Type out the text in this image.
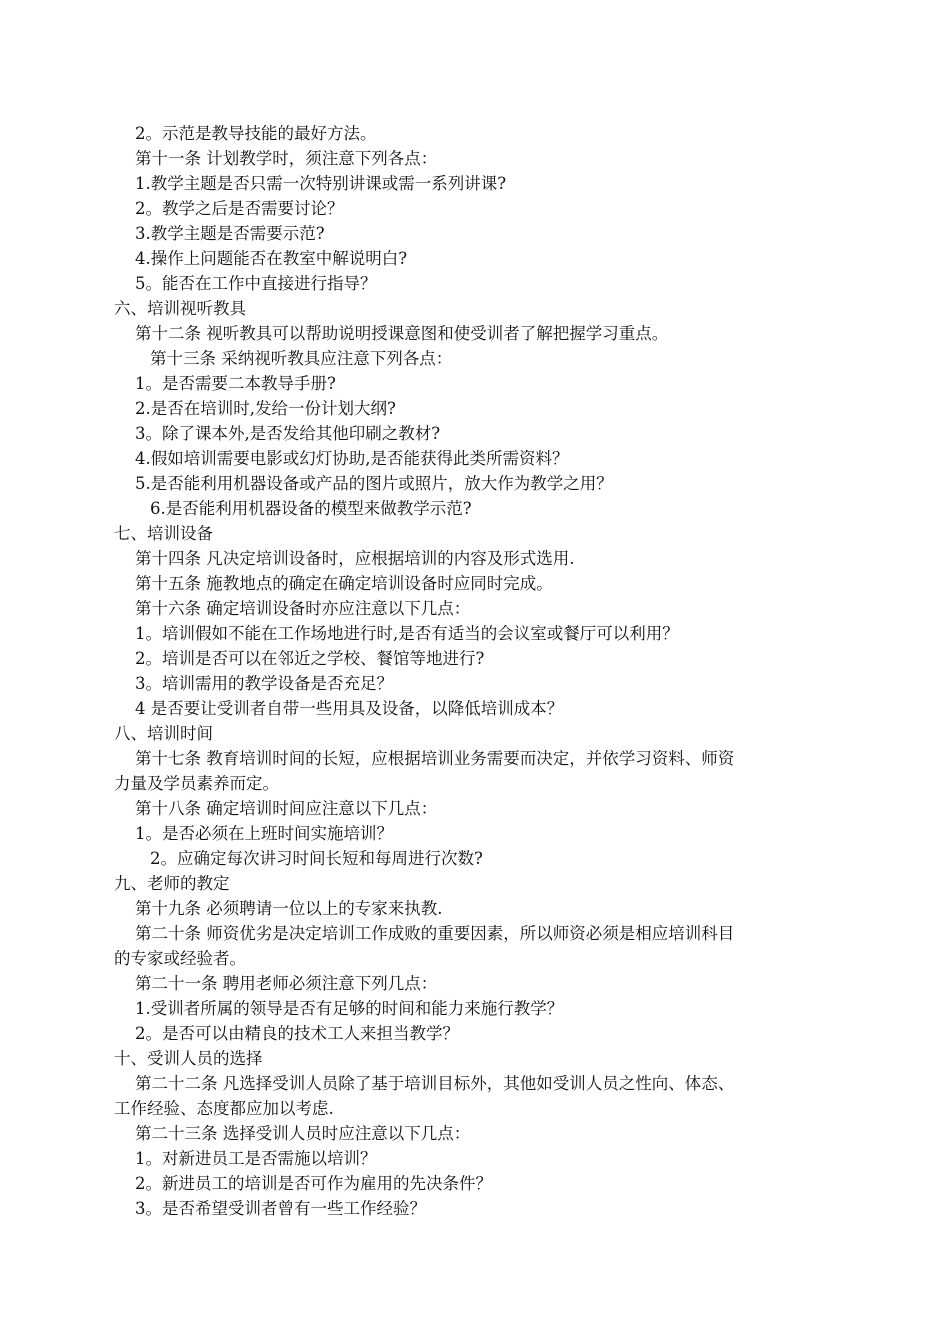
2。示范是教导技能的最好方法。
第十一条 计划教学时，须注意下列各点：
1.教学主题是否只需一次特别讲课或需一系列讲课?
2。教学之后是否需要讨论？
3.教学主题是否需要示范?
4.操作上问题能否在教室中解说明白?
5。能否在工作中直接进行指导？
六、培训视听教具
第十二条 视听教具可以帮助说明授课意图和使受训者了解把握学习重点。
第十三条 采纳视听教具应注意下列各点：
1。是否需要二本教导手册?
2.是否在培训时,发给一份计划大纲?
3。除了课本外,是否发给其他印刷之教材?
4.假如培训需要电影或幻灯协助,是否能获得此类所需资料？
5.是否能利用机器设备或产品的图片或照片，放大作为教学之用？
6.是否能利用机器设备的模型来做教学示范?
七、培训设备
第十四条 凡决定培训设备时，应根据培训的内容及形式选用.
第十五条 施教地点的确定在确定培训设备时应同时完成。
第十六条 确定培训设备时亦应注意以下几点：
1。培训假如不能在工作场地进行时,是否有适当的会议室或餐厅可以利用？
2。培训是否可以在邻近之学校、餐馆等地进行?
3。培训需用的教学设备是否充足？
4 是否要让受训者自带一些用具及设备，以降低培训成本？
八、培训时间
第十七条 教育培训时间的长短，应根据培训业务需要而决定，并依学习资料、师资
力量及学员素养而定。
第十八条 确定培训时间应注意以下几点：
1。是否必须在上班时间实施培训？
2。应确定每次讲习时间长短和每周进行次数?
九、老师的教定
第十九条 必须聘请一位以上的专家来执教.
第二十条 师资优劣是决定培训工作成败的重要因素，所以师资必须是相应培训科目
的专家或经验者。
第二十一条 聘用老师必须注意下列几点：
1.受训者所属的领导是否有足够的时间和能力来施行教学？
2。是否可以由精良的技术工人来担当教学？
十、受训人员的选择
第二十二条 凡选择受训人员除了基于培训目标外，其他如受训人员之性向、体态、
工作经验、态度都应加以考虑.
第二十三条 选择受训人员时应注意以下几点：
1。对新进员工是否需施以培训？
2。新进员工的培训是否可作为雇用的先决条件？
3。是否希望受训者曾有一些工作经验？
